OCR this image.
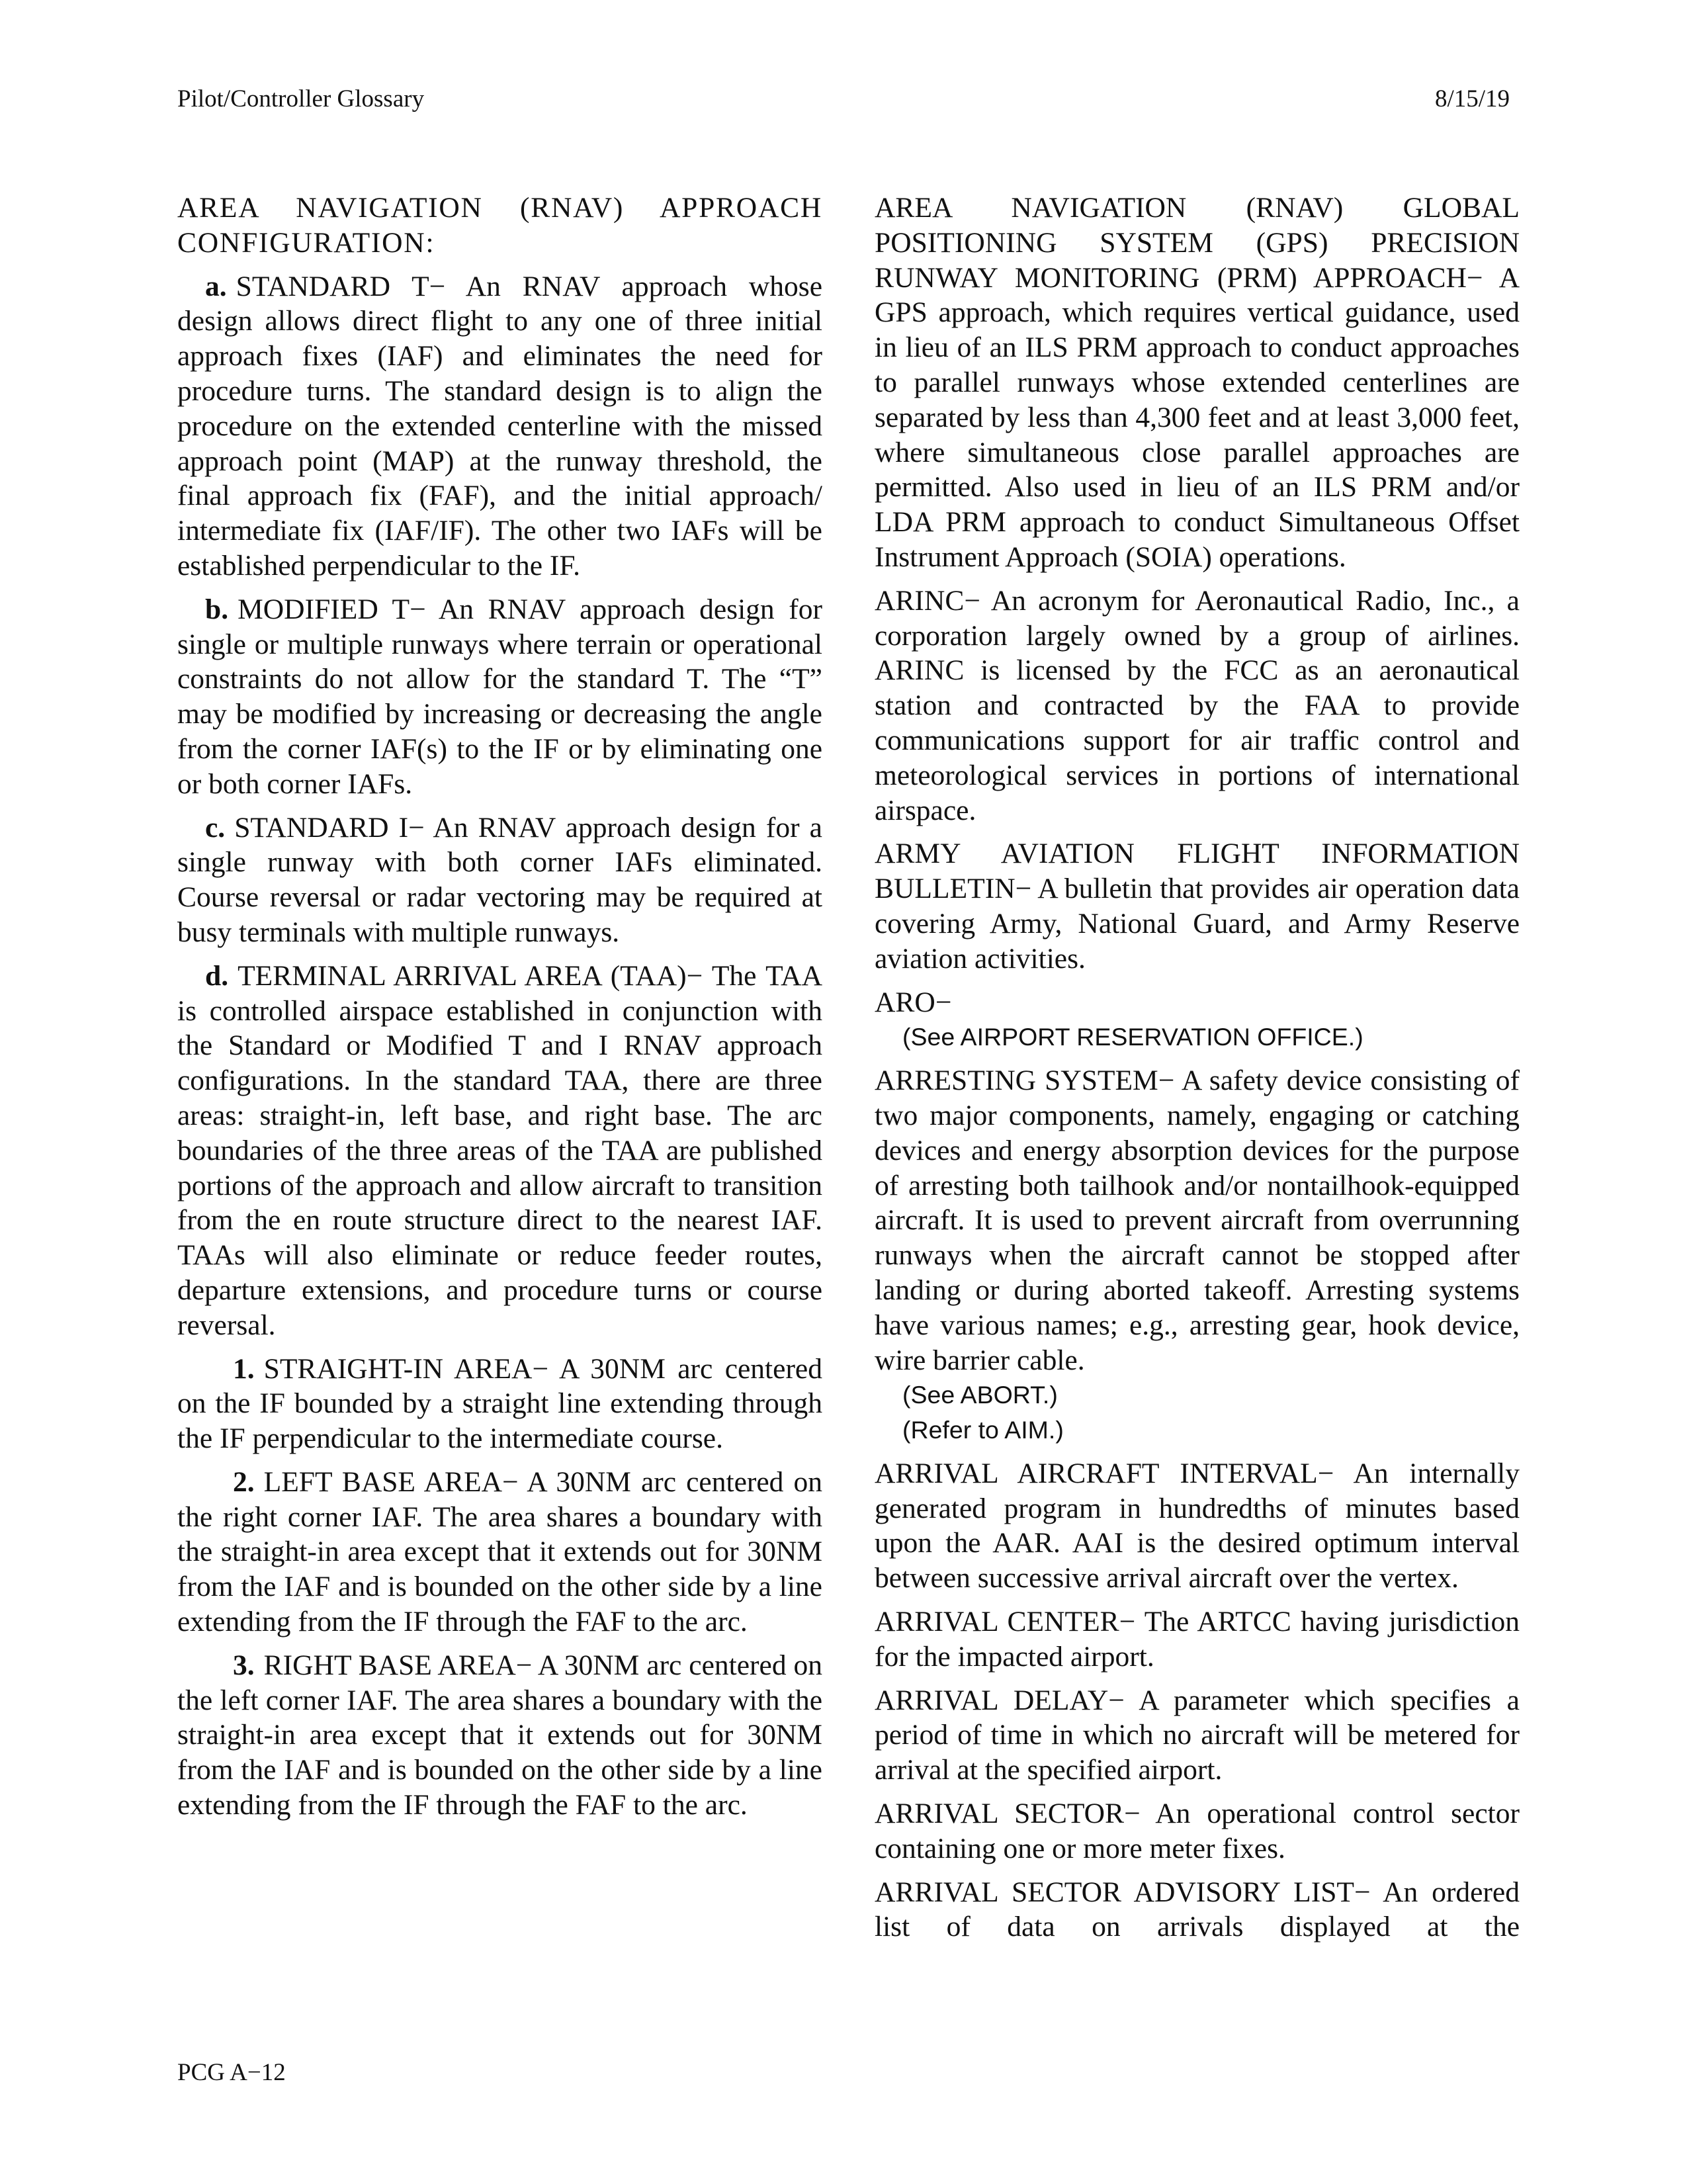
Pilot/Controller Glossary	8/15/19
AREA NAVIGATION (RNAV) APPROACH CONFIGURATION:
a. STANDARD T− An RNAV approach whose design allows direct flight to any one of three initial approach fixes (IAF) and eliminates the need for procedure turns. The standard design is to align the procedure on the extended centerline with the missed approach point (MAP) at the runway threshold, the final approach fix (FAF), and the initial approach/ intermediate fix (IAF/IF). The other two IAFs will be established perpendicular to the IF.
b. MODIFIED T− An RNAV approach design for single or multiple runways where terrain or operational constraints do not allow for the standard T. The “T” may be modified by increasing or decreasing the angle from the corner IAF(s) to the IF or by eliminating one or both corner IAFs.
c. STANDARD I− An RNAV approach design for a single runway with both corner IAFs eliminated. Course reversal or radar vectoring may be required at busy terminals with multiple runways.
d. TERMINAL ARRIVAL AREA (TAA)− The TAA is controlled airspace established in conjunction with the Standard or Modified T and I RNAV approach configurations. In the standard TAA, there are three areas: straight-in, left base, and right base. The arc boundaries of the three areas of the TAA are published portions of the approach and allow aircraft to transition from the en route structure direct to the nearest IAF. TAAs will also eliminate or reduce feeder routes, departure extensions, and procedure turns or course reversal.
1. STRAIGHT-IN AREA− A 30NM arc centered on the IF bounded by a straight line extending through the IF perpendicular to the intermediate course.
2. LEFT BASE AREA− A 30NM arc centered on the right corner IAF. The area shares a boundary with the straight-in area except that it extends out for 30NM from the IAF and is bounded on the other side by a line extending from the IF through the FAF to the arc.
3. RIGHT BASE AREA− A 30NM arc centered on the left corner IAF. The area shares a boundary with the straight-in area except that it extends out for 30NM from the IAF and is bounded on the other side by a line extending from the IF through the FAF to the arc.
AREA NAVIGATION (RNAV) GLOBAL POSITIONING SYSTEM (GPS) PRECISION RUNWAY MONITORING (PRM) APPROACH− A GPS approach, which requires vertical guidance, used in lieu of an ILS PRM approach to conduct approaches to parallel runways whose extended centerlines are separated by less than 4,300 feet and at least 3,000 feet, where simultaneous close parallel approaches are permitted. Also used in lieu of an ILS PRM and/or LDA PRM approach to conduct Simultaneous Offset Instrument Approach (SOIA) operations.
ARINC− An acronym for Aeronautical Radio, Inc., a corporation largely owned by a group of airlines. ARINC is licensed by the FCC as an aeronautical station and contracted by the FAA to provide communications support for air traffic control and meteorological services in portions of international airspace.
ARMY AVIATION FLIGHT INFORMATION BULLETIN− A bulletin that provides air operation data covering Army, National Guard, and Army Reserve aviation activities.
ARO−
(See AIRPORT RESERVATION OFFICE.)
ARRESTING SYSTEM− A safety device consisting of two major components, namely, engaging or catching devices and energy absorption devices for the purpose of arresting both tailhook and/or nontailhook-equipped aircraft. It is used to prevent aircraft from overrunning runways when the aircraft cannot be stopped after landing or during aborted takeoff. Arresting systems have various names; e.g., arresting gear, hook device, wire barrier cable.
(See ABORT.)
(Refer to AIM.)
ARRIVAL AIRCRAFT INTERVAL− An internally generated program in hundredths of minutes based upon the AAR. AAI is the desired optimum interval between successive arrival aircraft over the vertex.
ARRIVAL CENTER− The ARTCC having jurisdiction for the impacted airport.
ARRIVAL DELAY− A parameter which specifies a period of time in which no aircraft will be metered for arrival at the specified airport.
ARRIVAL SECTOR− An operational control sector containing one or more meter fixes.
ARRIVAL SECTOR ADVISORY LIST− An ordered list of data on arrivals displayed at the
PCG A−12
